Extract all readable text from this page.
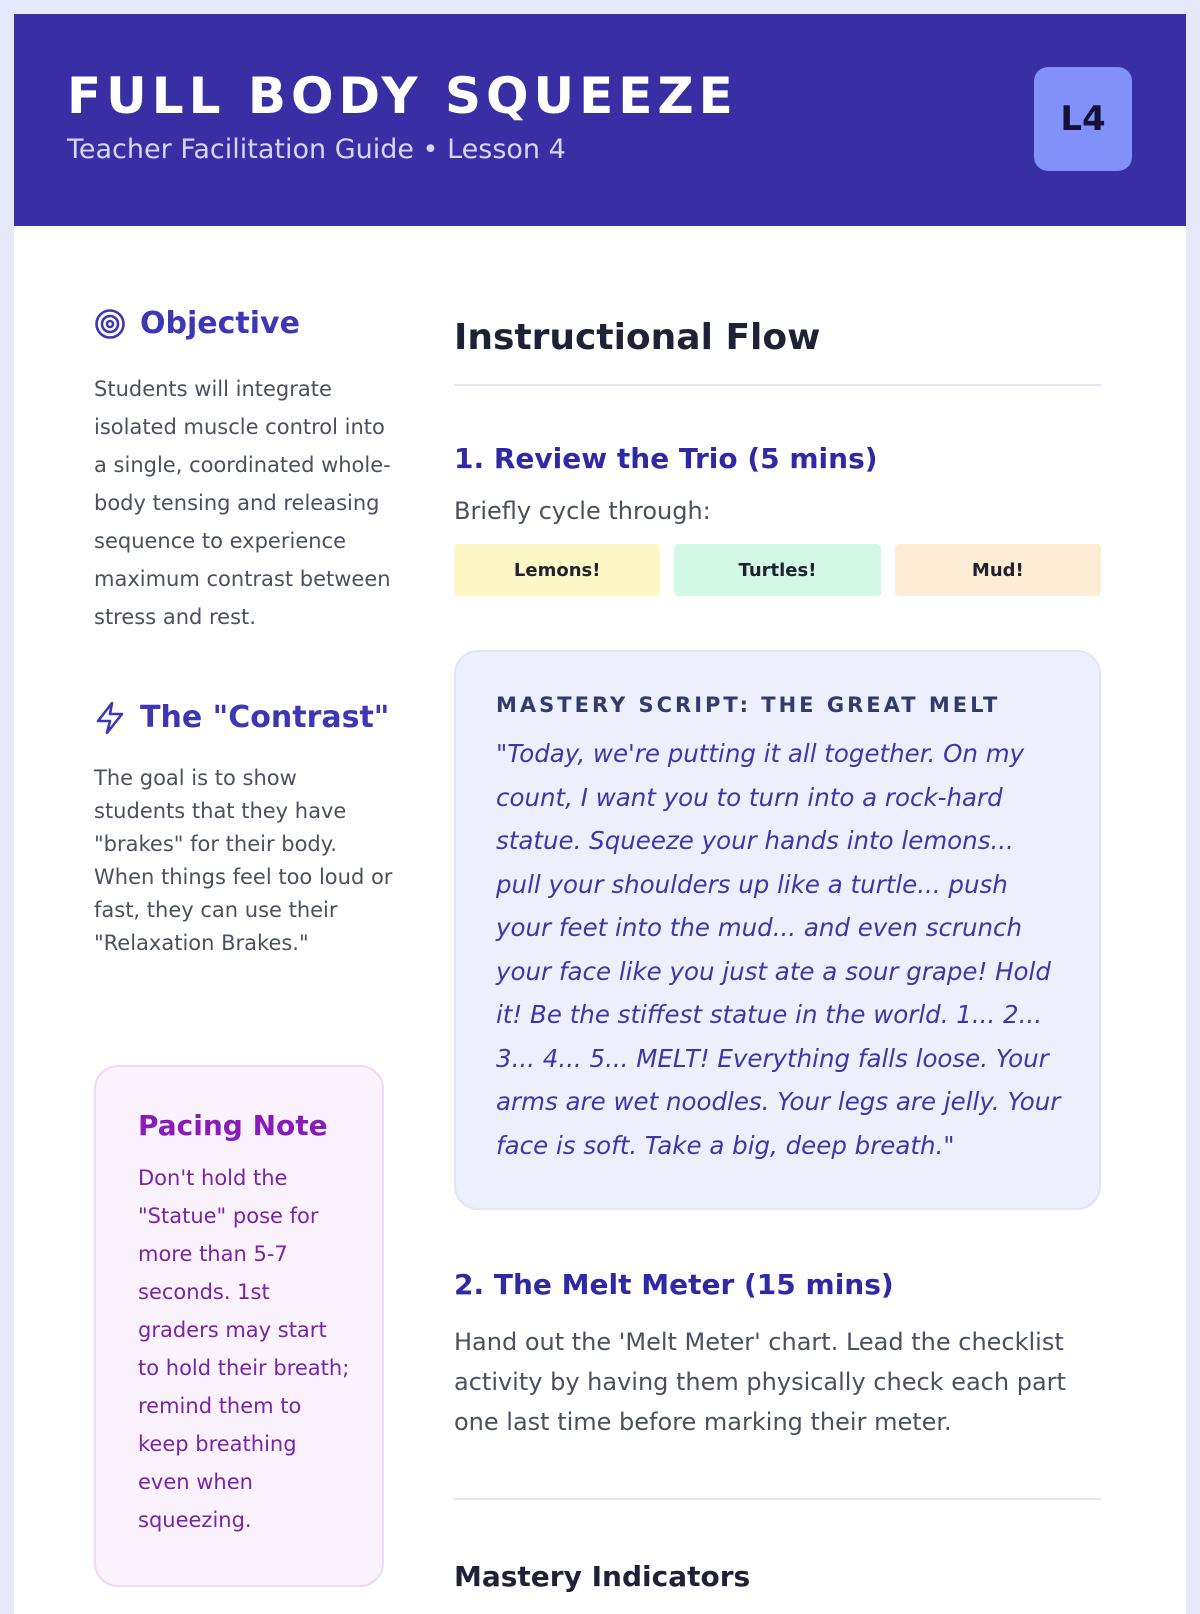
FULL BODY SQUEEZE
Teacher Facilitation Guide • Lesson 4
L4
Objective

Students will integrate isolated muscle control into a single, coordinated whole-body tensing and releasing sequence to experience maximum contrast between stress and rest.

The "Contrast"

The goal is to show students that they have "brakes" for their body. When things feel too loud or fast, they can use their "Relaxation Brakes."

Pacing Note

Don't hold the "Statue" pose for more than 5-7 seconds. 1st graders may start to hold their breath; remind them to keep breathing even when squeezing.

Instructional Flow
1. Review the Trio (5 mins)

Briefly cycle through:

Lemons!	Turtles!	Mud!

MASTERY SCRIPT: THE GREAT MELT

"Today, we're putting it all together. On my count, I want you to turn into a rock-hard statue. Squeeze your hands into lemons... pull your shoulders up like a turtle... push your feet into the mud... and even scrunch your face like you just ate a sour grape! Hold it! Be the stiffest statue in the world. 1... 2... 3... 4... 5... MELT! Everything falls loose. Your arms are wet noodles. Your legs are jelly. Your face is soft. Take a big, deep breath."

2. The Melt Meter (15 mins)

Hand out the 'Melt Meter' chart. Lead the checklist activity by having them physically check each part one last time before marking their meter.

Mastery Indicators
